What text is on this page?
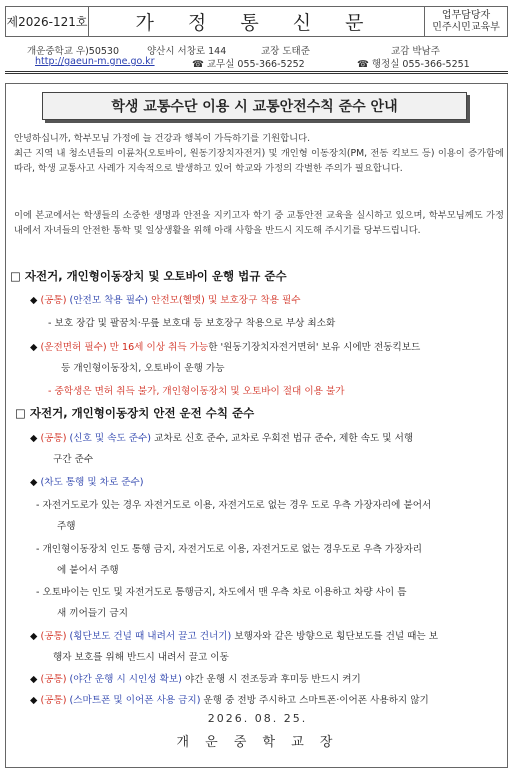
제2026-121호	가 정 통 신 문	업무담당자
민주시민교육부
개운중학교 우)50530	양산시 서창로 144	교장 도태준	교감 박남주
http://gaeun-m.gne.go.kr	☎ 교무실 055-366-5252	☎ 행정실 055-366-5251
학생 교통수단 이용 시 교통안전수칙 준수 안내
안녕하십니까, 학부모님 가정에 늘 건강과 행복이 가득하기를 기원합니다.
최근 지역 내 청소년들의 이륜차(오토바이, 원동기장치자전거) 및 개인형 이동장치(PM, 전동 킥보드 등) 이용이 증가함에 따라, 학생 교통사고 사례가 지속적으로 발생하고 있어 학교와 가정의 각별한 주의가 필요합니다.
이에 본교에서는 학생들의 소중한 생명과 안전을 지키고자 학기 중 교통안전 교육을 실시하고 있으며, 학부모님께도 가정 내에서 자녀들의 안전한 통학 및 일상생활을 위해 아래 사항을 반드시 지도해 주시기를 당부드립니다.
□ 자전거, 개인형이동장치 및 오토바이 운행 법규 준수
◆ (공통) (안전모 착용 필수) 안전모(헬멧) 및 보호장구 착용 필수
- 보호 장갑 및 팔꿈치·무릎 보호대 등 보호장구 착용으로 부상 최소화
◆ (운전면허 필수) 만 16세 이상 취득 가능한 '원동기장치자전거면허' 보유 시에만 전동킥보드
등 개인형이동장치, 오토바이 운행 가능
- 중학생은 면허 취득 불가, 개인형이동장치 및 오토바이 절대 이용 불가
□ 자전거, 개인형이동장치 안전 운전 수칙 준수
◆ (공통) (신호 및 속도 준수) 교차로 신호 준수, 교차로 우회전 법규 준수, 제한 속도 및 서행
구간 준수
◆ (차도 통행 및 차로 준수)
- 자전거도로가 있는 경우 자전거도로 이용, 자전거도로 없는 경우 도로 우측 가장자리에 붙어서
주행
- 개인형이동장치 인도 통행 금지, 자전거도로 이용, 자전거도로 없는 경우도로 우측 가장자리
에 붙어서 주행
- 오토바이는 인도 및 자전거도로 통행금지, 차도에서 맨 우측 차로 이용하고 차량 사이 틈
새 끼어들기 금지
◆ (공통) (횡단보도 건널 때 내려서 끌고 건너기) 보행자와 같은 방향으로 횡단보도를 건널 때는 보
행자 보호를 위해 반드시 내려서 끌고 이동
◆ (공통) (야간 운행 시 시인성 확보) 야간 운행 시 전조등과 후미등 반드시 켜기
◆ (공통) (스마트폰 및 이어폰 사용 금지) 운행 중 전방 주시하고 스마트폰·이어폰 사용하지 않기
2026. 08. 25.
개 운 중 학 교 장
